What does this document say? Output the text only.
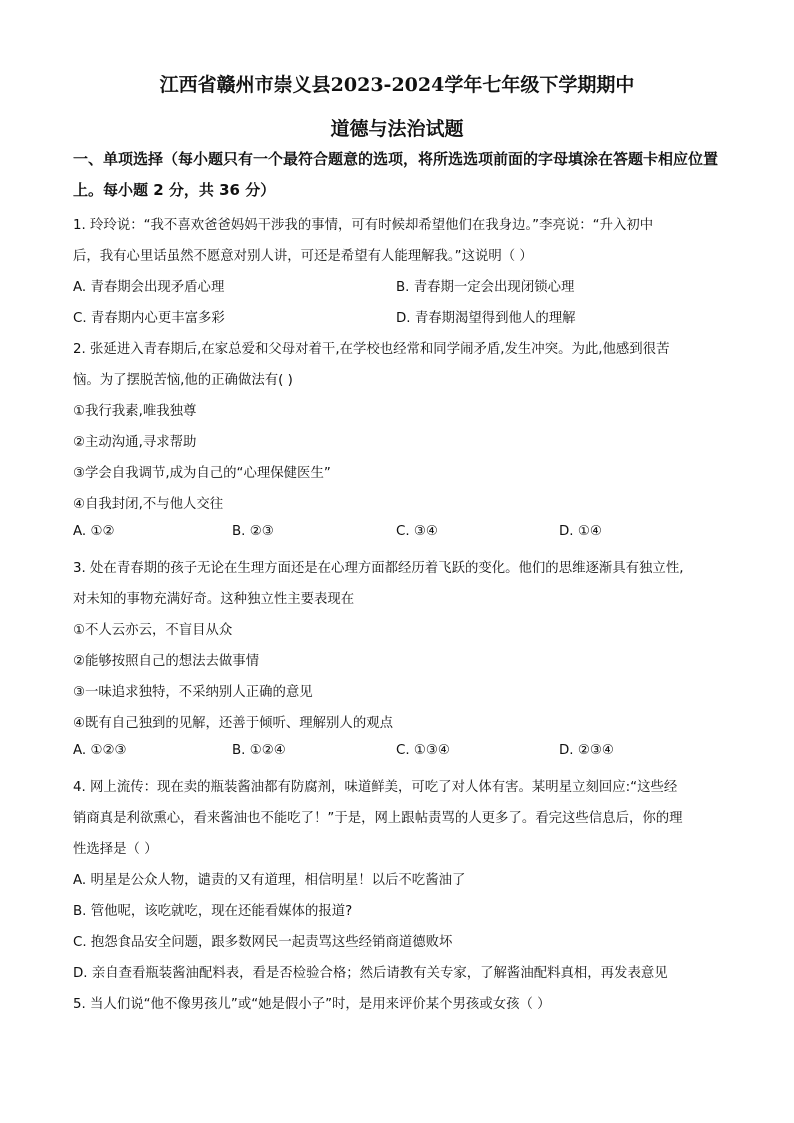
江西省赣州市崇义县2023-2024学年七年级下学期期中
道德与法治试题
一、单项选择（每小题只有一个最符合题意的选项，将所选选项前面的字母填涂在答题卡相应位置上。每小题 2 分，共 36 分）
1. 玲玲说：“我不喜欢爸爸妈妈干涉我的事情，可有时候却希望他们在我身边。”李亮说：“升入初中
后，我有心里话虽然不愿意对别人讲，可还是希望有人能理解我。”这说明（ ）
A. 青春期会出现矛盾心理	B. 青春期一定会出现闭锁心理
C. 青春期内心更丰富多彩	D. 青春期渴望得到他人的理解
2. 张延进入青春期后,在家总爱和父母对着干,在学校也经常和同学闹矛盾,发生冲突。为此,他感到很苦
恼。为了摆脱苦恼,他的正确做法有( )
①我行我素,唯我独尊
②主动沟通,寻求帮助
③学会自我调节,成为自己的“心理保健医生”
④自我封闭,不与他人交往
A. ①②	B. ②③	C. ③④	D. ①④
3. 处在青春期的孩子无论在生理方面还是在心理方面都经历着飞跃的变化。他们的思维逐渐具有独立性,
对未知的事物充满好奇。这种独立性主要表现在
①不人云亦云，不盲目从众
②能够按照自己的想法去做事情
③一味追求独特，不采纳别人正确的意见
④既有自己独到的见解，还善于倾听、理解别人的观点
A. ①②③	B. ①②④	C. ①③④	D. ②③④
4. 网上流传：现在卖的瓶装酱油都有防腐剂，味道鲜美，可吃了对人体有害。某明星立刻回应:“这些经
销商真是利欲熏心，看来酱油也不能吃了！”于是，网上跟帖责骂的人更多了。看完这些信息后，你的理
性选择是（ ）
A. 明星是公众人物，谴责的又有道理，相信明星！以后不吃酱油了
B. 管他呢，该吃就吃，现在还能看媒体的报道?
C. 抱怨食品安全问题，跟多数网民一起责骂这些经销商道德败坏
D. 亲自查看瓶装酱油配料表，看是否检验合格；然后请教有关专家，了解酱油配料真相，再发表意见
5. 当人们说“他不像男孩儿”或“她是假小子”时，是用来评价某个男孩或女孩（ ）
